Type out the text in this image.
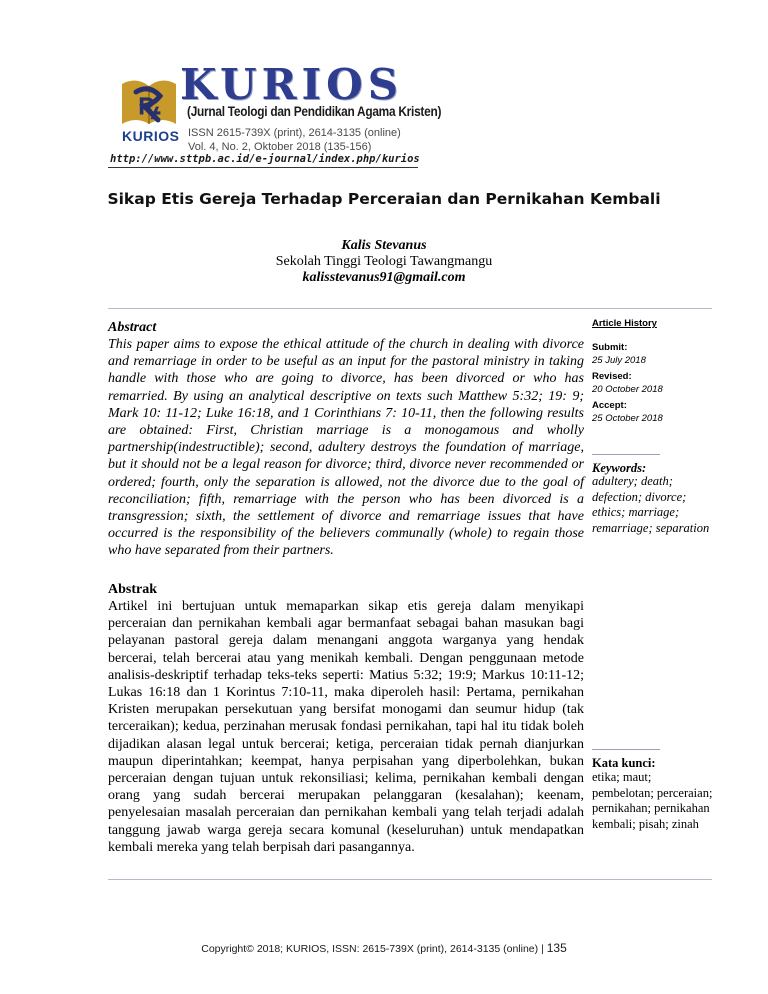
ꝶ
KURIOS
KURIOS
(Jurnal Teologi dan Pendidikan Agama Kristen)
ISSN 2615-739X (print), 2614-3135 (online)
Vol. 4, No. 2, Oktober 2018 (135-156)
http://www.sttpb.ac.id/e-journal/index.php/kurios
Sikap Etis Gereja Terhadap Perceraian dan Pernikahan Kembali
Kalis Stevanus
Sekolah Tinggi Teologi Tawangmangu
kalisstevanus91@gmail.com
Abstract
This paper aims to expose the ethical attitude of the church in dealing with divorce and remarriage in order to be useful as an input for the pastoral ministry in taking handle with those who are going to divorce, has been divorced or who has remarried. By using an analytical descriptive on texts such Matthew 5:32; 19: 9; Mark 10: 11-12; Luke 16:18, and 1 Corinthians 7: 10-11, then the following results are obtained: First, Christian marriage is a monogamous and wholly partnership(indestructible); second, adultery destroys the foundation of marriage, but it should not be a legal reason for divorce; third, divorce never recommended or ordered; fourth, only the separation is allowed, not the divorce due to the goal of reconciliation; fifth, remarriage with the person who has been divorced is a transgression; sixth, the settlement of divorce and remarriage issues that have occurred is the responsibility of the believers communally (whole) to regain those who have separated from their partners.
Abstrak
Artikel ini bertujuan untuk memaparkan sikap etis gereja dalam menyikapi perceraian dan pernikahan kembali agar bermanfaat sebagai bahan masukan bagi pelayanan pastoral gereja dalam menangani anggota warganya yang hendak bercerai, telah bercerai atau yang menikah kembali. Dengan penggunaan metode analisis-deskriptif terhadap teks-teks seperti: Matius 5:32; 19:9; Markus 10:11-12; Lukas 16:18 dan 1 Korintus 7:10-11, maka diperoleh hasil: Pertama, pernikahan Kristen merupakan persekutuan yang bersifat monogami dan seumur hidup (tak terceraikan); kedua, perzinahan merusak fondasi pernikahan, tapi hal itu tidak boleh dijadikan alasan legal untuk bercerai; ketiga, perceraian tidak pernah dianjurkan maupun diperintahkan; keempat, hanya perpisahan yang diperbolehkan, bukan perceraian dengan tujuan untuk rekonsiliasi; kelima, pernikahan kembali dengan orang yang sudah bercerai merupakan pelanggaran (kesalahan); keenam, penyelesaian masalah perceraian dan pernikahan kembali yang telah terjadi adalah tanggung jawab warga gereja secara komunal (keseluruhan) untuk mendapatkan kembali mereka yang telah berpisah dari pasangannya.
Article History
Submit:
25 July 2018
Revised:
20 October 2018
Accept:
25 October 2018
Keywords:
adultery; death; defection; divorce; ethics; marriage; remarriage; separation
Kata kunci:
etika; maut; pembelotan; perceraian; pernikahan; pernikahan kembali; pisah; zinah
Copyright© 2018; KURIOS, ISSN: 2615-739X (print), 2614-3135 (online) | 135
